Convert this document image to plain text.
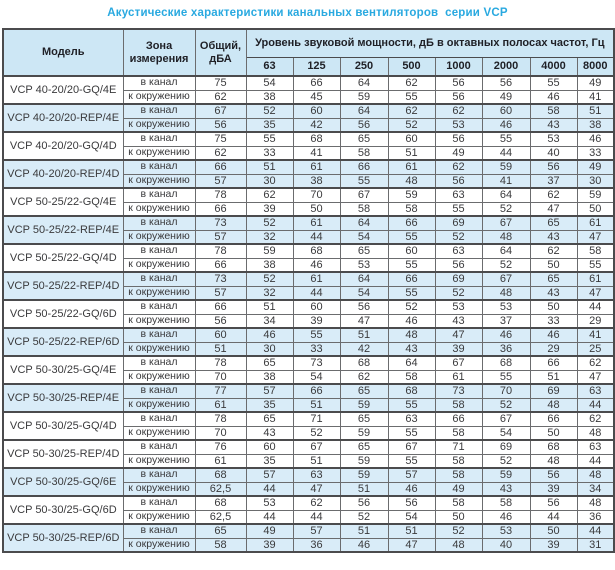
Акустические характеристики канальных вентиляторов  серии VCP
Модель	Зона измерения	Общий, дБА	Уровень звуковой мощности, дБ в октавных полосах частот, Гц							
			63	125	250	500	1000	2000	4000	8000
VCP 40-20/20-GQ/4E	в канал	75	54	66	64	62	56	56	55	49
	к окружению	62	38	45	59	55	56	49	46	41
VCP 40-20/20-REP/4E	в канал	67	52	60	64	62	62	60	58	51
	к окружению	56	35	42	56	52	53	46	43	38
VCP 40-20/20-GQ/4D	в канал	75	55	68	65	60	56	55	53	46
	к окружению	62	33	41	58	51	49	44	40	33
VCP 40-20/20-REP/4D	в канал	66	51	61	66	61	62	59	56	49
	к окружению	57	30	38	55	48	56	41	37	30
VCP 50-25/22-GQ/4E	в канал	78	62	70	67	59	63	64	62	59
	к окружению	66	39	50	58	58	55	52	47	50
VCP 50-25/22-REP/4E	в канал	73	52	61	64	66	69	67	65	61
	к окружению	57	32	44	54	55	52	48	43	47
VCP 50-25/22-GQ/4D	в канал	78	59	68	65	60	63	64	62	58
	к окружению	66	38	46	53	55	56	52	50	55
VCP 50-25/22-REP/4D	в канал	73	52	61	64	66	69	67	65	61
	к окружению	57	32	44	54	55	52	48	43	47
VCP 50-25/22-GQ/6D	в канал	66	51	60	56	52	53	53	50	44
	к окружению	56	34	39	47	46	43	37	33	29
VCP 50-25/22-REP/6D	в канал	60	46	55	51	48	47	46	46	41
	к окружению	51	30	33	42	43	39	36	29	25
VCP 50-30/25-GQ/4E	в канал	78	65	73	68	64	67	68	66	62
	к окружению	70	38	54	62	58	61	55	51	47
VCP 50-30/25-REP/4E	в канал	77	57	66	65	68	73	70	69	63
	к окружению	61	35	51	59	55	58	52	48	44
VCP 50-30/25-GQ/4D	в канал	78	65	71	65	63	66	67	66	62
	к окружению	70	43	52	59	55	58	54	50	48
VCP 50-30/25-REP/4D	в канал	76	60	67	65	67	71	69	68	63
	к окружению	61	35	51	59	55	58	52	48	44
VCP 50-30/25-GQ/6E	в канал	68	57	63	59	57	58	59	56	48
	к окружению	62,5	44	47	51	46	49	43	39	34
VCP 50-30/25-GQ/6D	в канал	68	53	62	56	56	58	58	56	48
	к окружению	62,5	44	44	52	54	50	46	44	36
VCP 50-30/25-REP/6D	в канал	65	49	57	51	51	52	53	50	44
	к окружению	58	39	36	46	47	48	40	39	31
